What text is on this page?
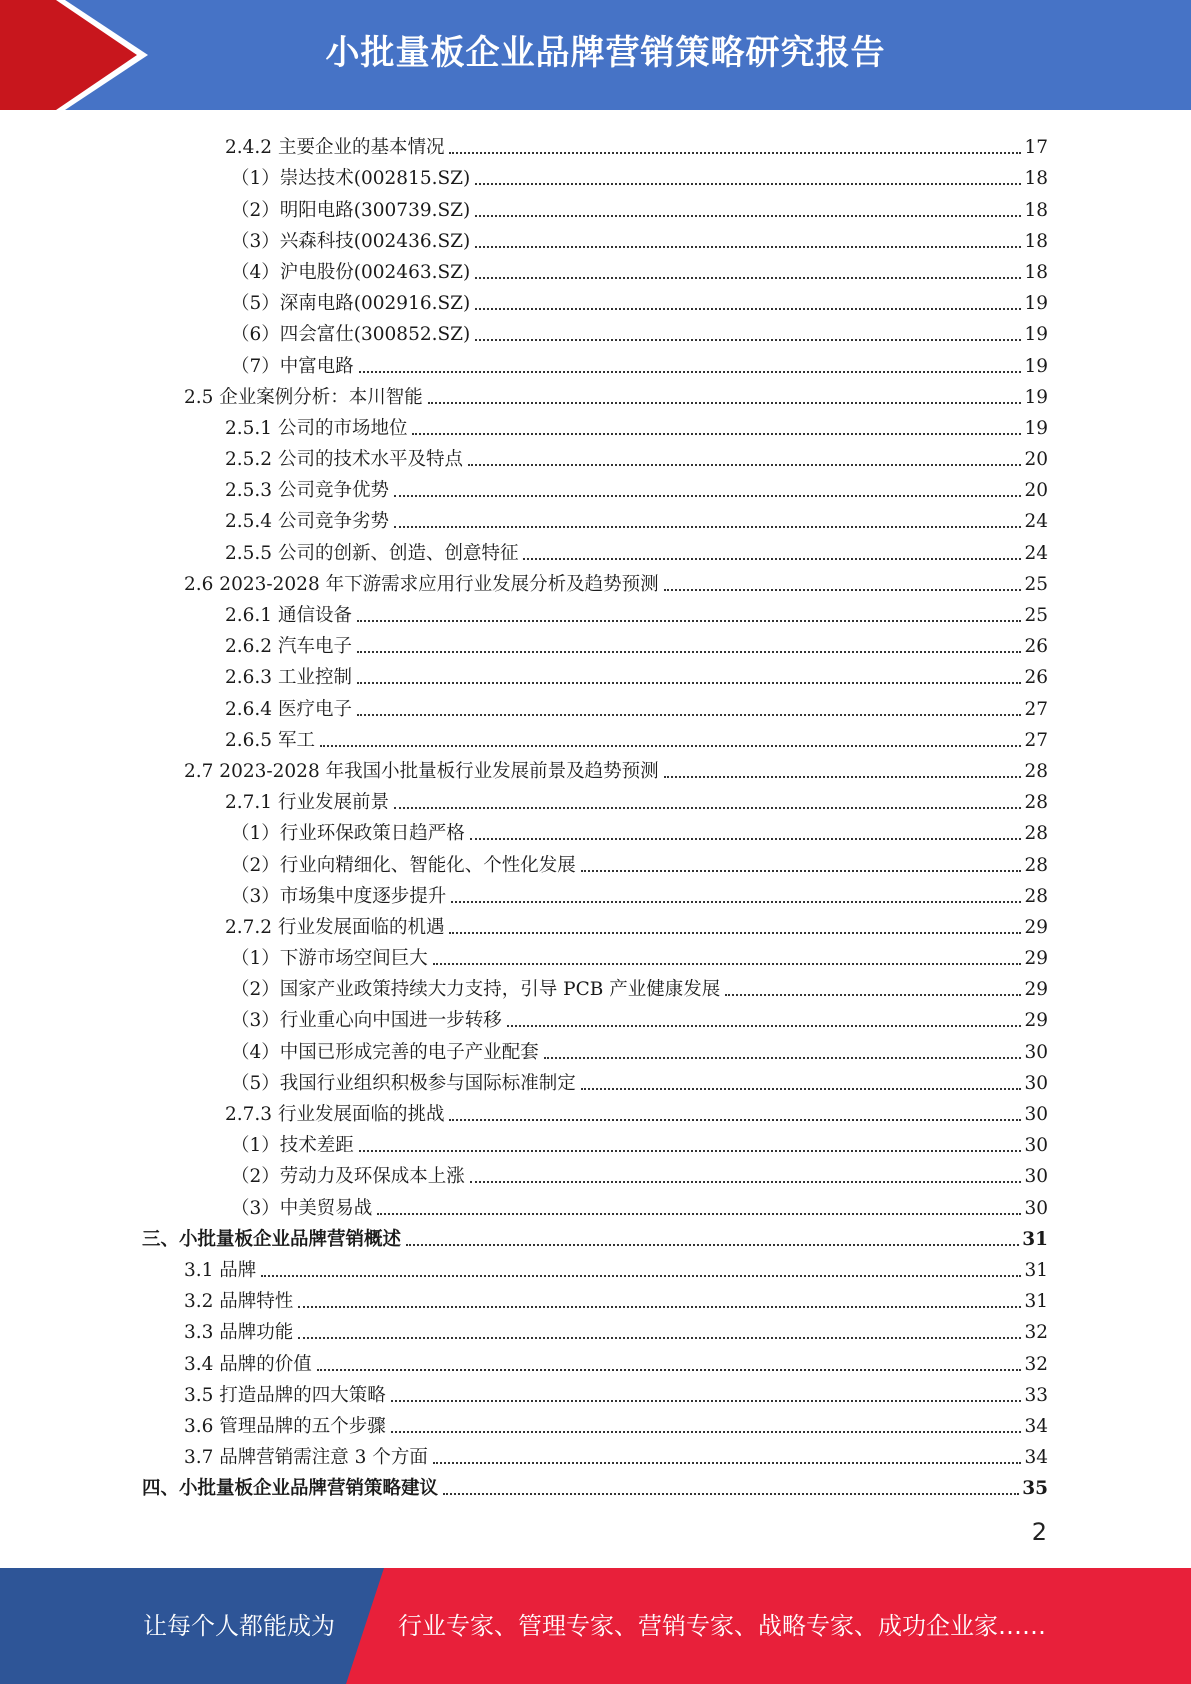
小批量板企业品牌营销策略研究报告
2.4.2 主要企业的基本情况	17
（1）崇达技术(002815.SZ)	18
（2）明阳电路(300739.SZ)	18
（3）兴森科技(002436.SZ)	18
（4）沪电股份(002463.SZ)	18
（5）深南电路(002916.SZ)	19
（6）四会富仕(300852.SZ)	19
（7）中富电路	19
2.5 企业案例分析：本川智能	19
2.5.1 公司的市场地位	19
2.5.2 公司的技术水平及特点	20
2.5.3 公司竞争优势	20
2.5.4 公司竞争劣势	24
2.5.5 公司的创新、创造、创意特征	24
2.6 2023-2028 年下游需求应用行业发展分析及趋势预测	25
2.6.1 通信设备	25
2.6.2 汽车电子	26
2.6.3 工业控制	26
2.6.4 医疗电子	27
2.6.5 军工	27
2.7 2023-2028 年我国小批量板行业发展前景及趋势预测	28
2.7.1 行业发展前景	28
（1）行业环保政策日趋严格	28
（2）行业向精细化、智能化、个性化发展	28
（3）市场集中度逐步提升	28
2.7.2 行业发展面临的机遇	29
（1）下游市场空间巨大	29
（2）国家产业政策持续大力支持，引导 PCB 产业健康发展	29
（3）行业重心向中国进一步转移	29
（4）中国已形成完善的电子产业配套	30
（5）我国行业组织积极参与国际标准制定	30
2.7.3 行业发展面临的挑战	30
（1）技术差距	30
（2）劳动力及环保成本上涨	30
（3）中美贸易战	30
三、小批量板企业品牌营销概述	31
3.1 品牌	31
3.2 品牌特性	31
3.3 品牌功能	32
3.4 品牌的价值	32
3.5 打造品牌的四大策略	33
3.6 管理品牌的五个步骤	34
3.7 品牌营销需注意 3 个方面	34
四、小批量板企业品牌营销策略建议	35
2
让每个人都能成为	行业专家、管理专家、营销专家、战略专家、成功企业家……
